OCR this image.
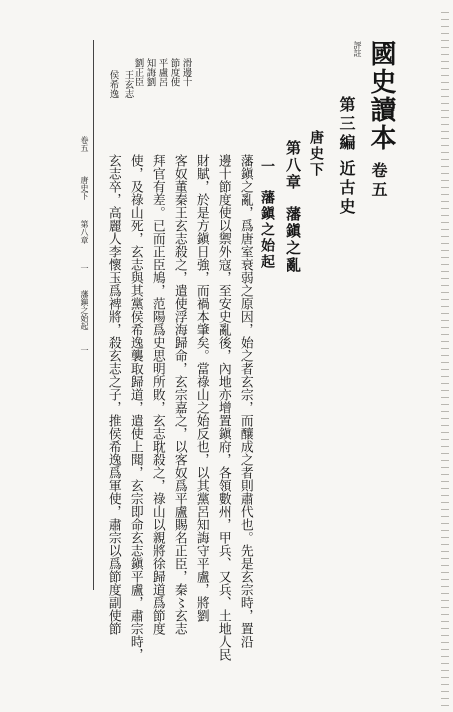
評註 國史讀本
卷五
第三編
近古史
唐史下
第八章
藩鎭之亂
一
藩鎭之始起
藩鎭之亂，爲唐室衰弱之原因，始之者玄宗，而釀成之者則肅代也。先是玄宗時，置沿
邊十節度使以禦外寇，至安史亂後，內地亦增置鎭府，各領數州，甲兵、又兵、土地人民
財賦，於是方鎭日強，而禍本肇矣。當祿山之始反也，以其黨呂知誨守平盧，將劉
客奴董秦王玄志殺之，遣使浮海歸命，玄宗嘉之，以客奴爲平盧賜名正臣，秦〻玄志
拜官有差。已而正臣鳩，范陽爲史思明所敗，玄志耽殺之，祿山以親將徐歸道爲節度
使，及祿山死，玄志與其黨侯希逸襲取歸道，遣使上聞，玄宗即命玄志鎭平盧，肅宗時，
玄志卒，高麗人李懷玉爲裨將，殺玄志之子，推侯希逸爲軍使，肅宗以爲節度副使節
滑邊十
節度使
平盧呂
知誨劉
劉正臣
王玄志
侯希逸
卷五
唐史下
第八章
一
藩鎭之始起
一
